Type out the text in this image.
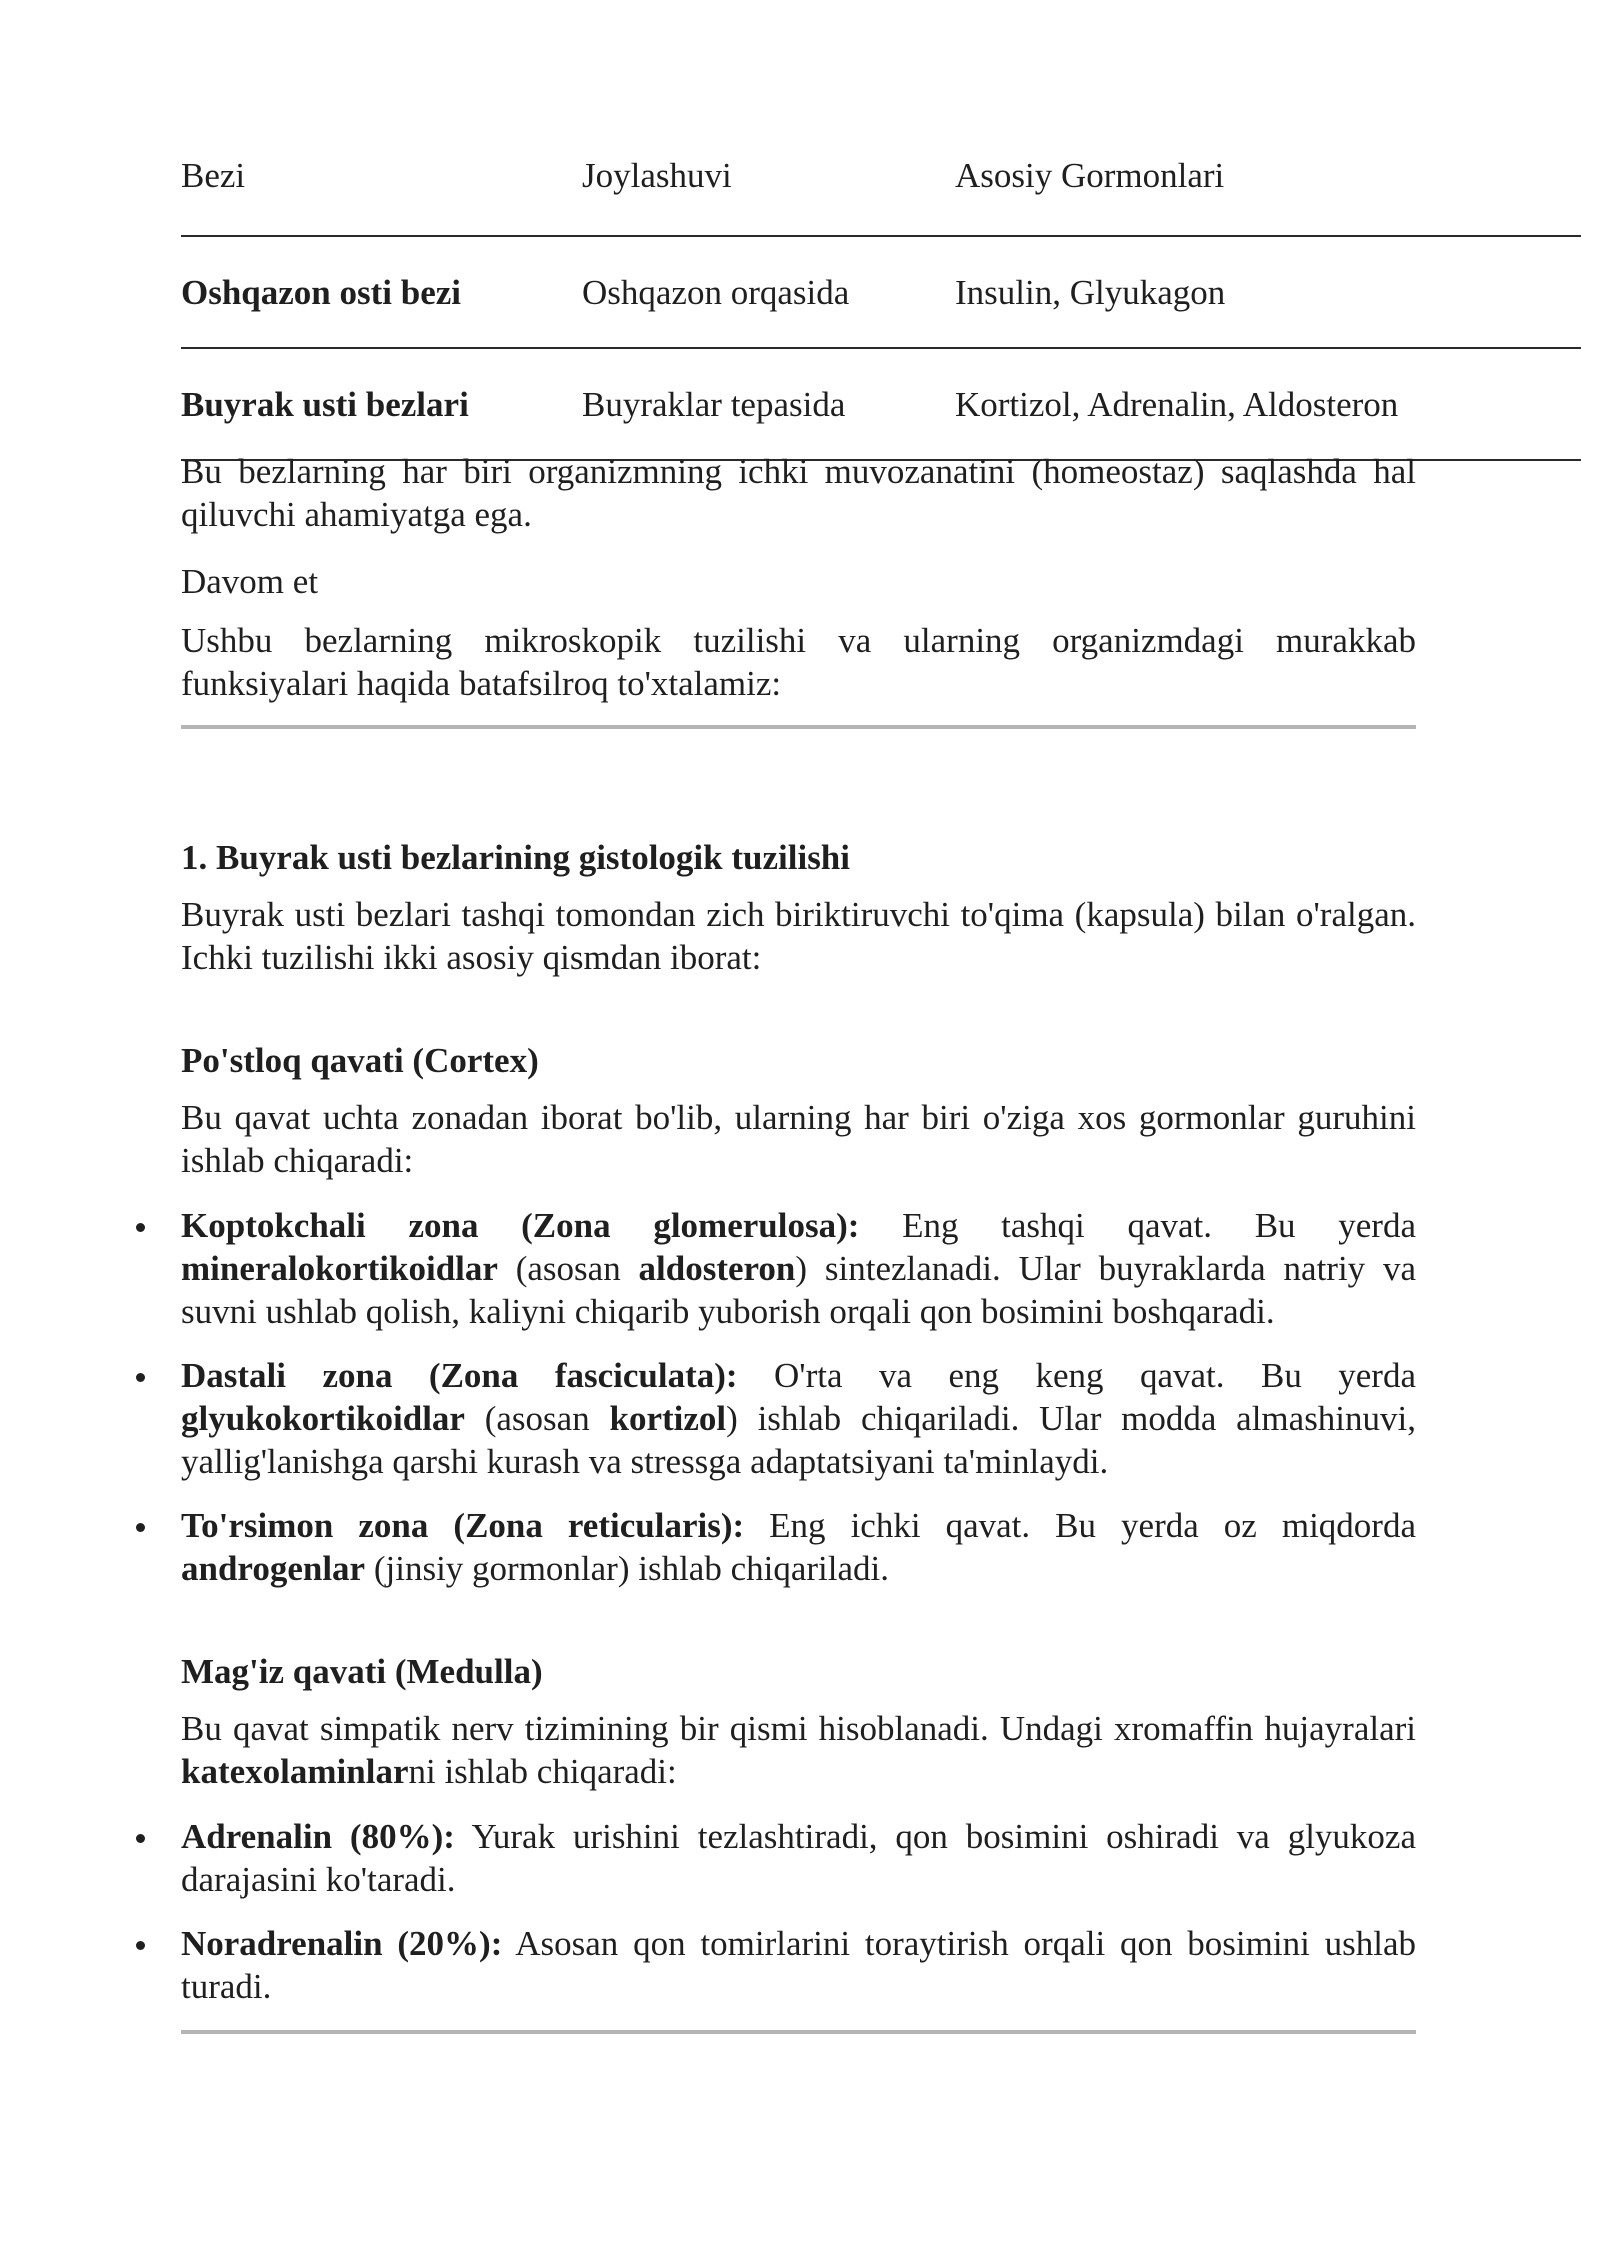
Bezi	Joylashuvi	Asosiy Gormonlari
Oshqazon osti bezi	Oshqazon orqasida	Insulin, Glyukagon
Buyrak usti bezlari	Buyraklar tepasida	Kortizol, Adrenalin, Aldosteron

Bu bezlarning har biri organizmning ichki muvozanatini (homeostaz) saqlashda hal qiluvchi ahamiyatga ega.

Davom et

Ushbu bezlarning mikroskopik tuzilishi va ularning organizmdagi murakkab funksiyalari haqida batafsilroq to'xtalamiz:

1. Buyrak usti bezlarining gistologik tuzilishi

Buyrak usti bezlari tashqi tomondan zich biriktiruvchi to'qima (kapsula) bilan o'ralgan. Ichki tuzilishi ikki asosiy qismdan iborat:

Po'stloq qavati (Cortex)

Bu qavat uchta zonadan iborat bo'lib, ularning har biri o'ziga xos gormonlar guruhini ishlab chiqaradi:

Koptokchali zona (Zona glomerulosa): Eng tashqi qavat. Bu yerda mineralokortikoidlar (asosan aldosteron) sintezlanadi. Ular buyraklarda natriy va suvni ushlab qolish, kaliyni chiqarib yuborish orqali qon bosimini boshqaradi.
Dastali zona (Zona fasciculata): O'rta va eng keng qavat. Bu yerda glyukokortikoidlar (asosan kortizol) ishlab chiqariladi. Ular modda almashinuvi, yallig'lanishga qarshi kurash va stressga adaptatsiyani ta'minlaydi.
To'rsimon zona (Zona reticularis): Eng ichki qavat. Bu yerda oz miqdorda androgenlar (jinsiy gormonlar) ishlab chiqariladi.
Mag'iz qavati (Medulla)

Bu qavat simpatik nerv tizimining bir qismi hisoblanadi. Undagi xromaffin hujayralari katexolaminlarni ishlab chiqaradi:

Adrenalin (80%): Yurak urishini tezlashtiradi, qon bosimini oshiradi va glyukoza darajasini ko'taradi.
Noradrenalin (20%): Asosan qon tomirlarini toraytirish orqali qon bosimini ushlab turadi.
